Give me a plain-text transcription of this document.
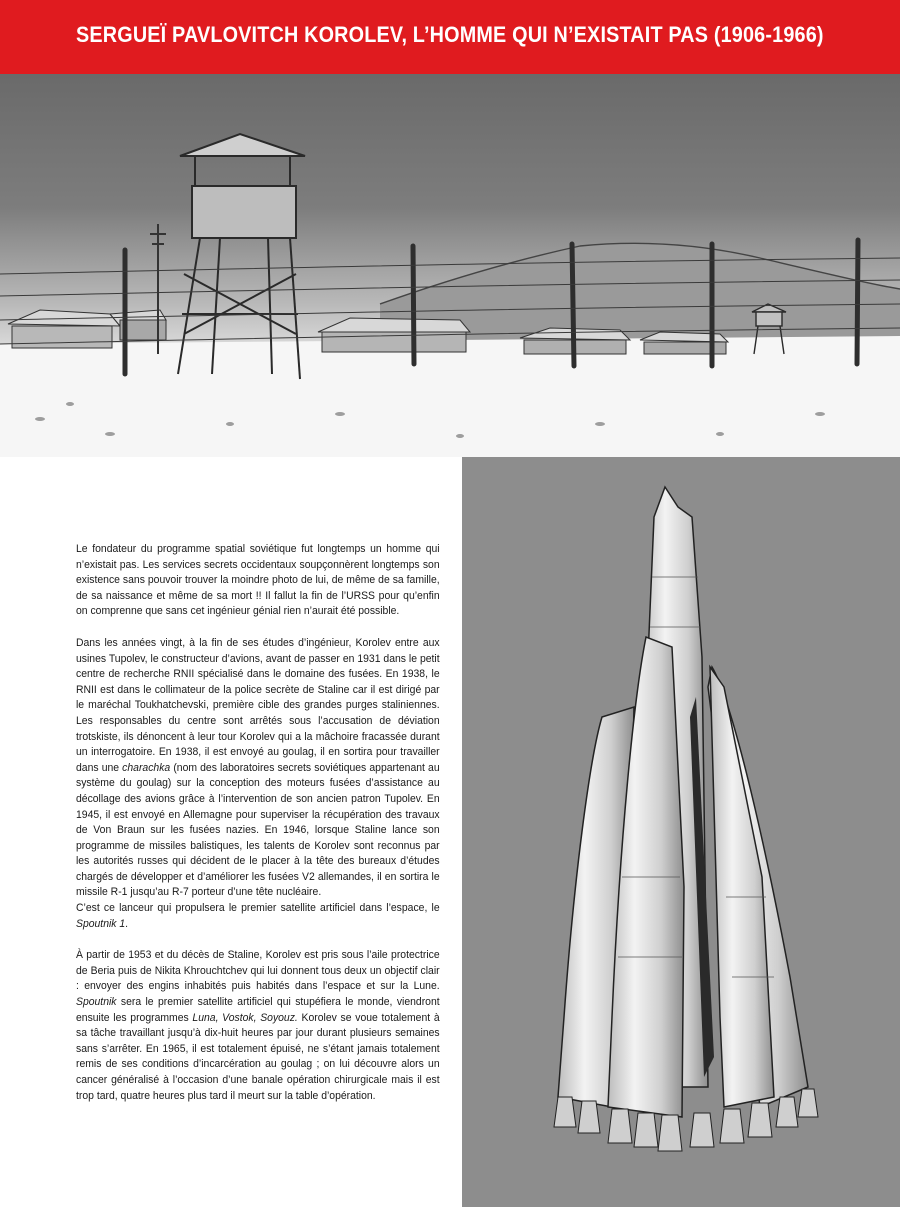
SERGUEÏ PAVLOVITCH KOROLEV, L’HOMME QUI N’EXISTAIT PAS (1906-1966)

Le fondateur du programme spatial soviétique fut longtemps un homme qui n’existait pas. Les services secrets occidentaux soupçonnèrent longtemps son existence sans pouvoir trouver la moindre photo de lui, de même de sa famille, de sa naissance et même de sa mort !! Il fallut la fin de l’URSS pour qu’enfin on comprenne que sans cet ingénieur génial rien n’aurait été possible.

Dans les années vingt, à la fin de ses études d’ingénieur, Korolev entre aux usines Tupolev, le constructeur d’avions, avant de passer en 1931 dans le petit centre de recherche RNII spécialisé dans le domaine des fusées. En 1938, le RNII est dans le collimateur de la police secrète de Staline car il est dirigé par le maréchal Toukhatchevski, première cible des grandes purges staliniennes. Les responsables du centre sont arrêtés sous l’accusation de déviation trotskiste, ils dénoncent à leur tour Korolev qui a la mâchoire fracassée durant un interrogatoire. En 1938, il est envoyé au goulag, il en sortira pour travailler dans une charachka (nom des laboratoires secrets soviétiques appartenant au système du goulag) sur la conception des moteurs fusées d’assistance au décollage des avions grâce à l’intervention de son ancien patron Tupolev. En 1945, il est envoyé en Allemagne pour superviser la récupération des travaux de Von Braun sur les fusées nazies. En 1946, lorsque Staline lance son programme de missiles balistiques, les talents de Korolev sont reconnus par les autorités russes qui décident de le placer à la tête des bureaux d’études chargés de développer et d’améliorer les fusées V2 allemandes, il en sortira le missile R-1 jusqu’au R-7 porteur d’une tête nucléaire.

C’est ce lanceur qui propulsera le premier satellite artificiel dans l’espace, le Spoutnik 1.

À partir de 1953 et du décès de Staline, Korolev est pris sous l’aile protectrice de Beria puis de Nikita Khrouchtchev qui lui donnent tous deux un objectif clair : envoyer des engins inhabités puis habités dans l’espace et sur la Lune. Spoutnik sera le premier satellite artificiel qui stupéfiera le monde, viendront ensuite les programmes Luna, Vostok, Soyouz. Korolev se voue totalement à sa tâche travaillant jusqu’à dix-huit heures par jour durant plusieurs semaines sans s’arrêter. En 1965, il est totalement épuisé, ne s’étant jamais totalement remis de ses conditions d’incarcération au goulag ; on lui découvre alors un cancer généralisé à l’occasion d’une banale opération chirurgicale mais il est trop tard, quatre heures plus tard il meurt sur la table d’opération.
